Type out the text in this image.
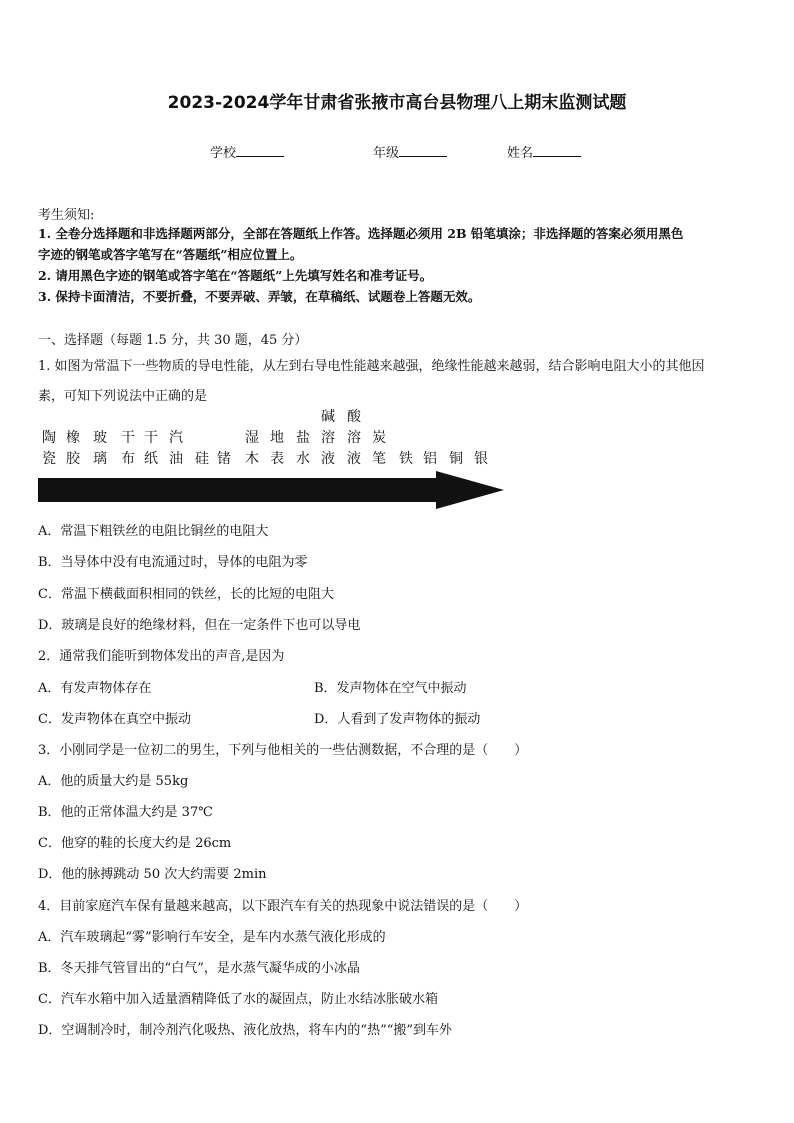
2023-2024学年甘肃省张掖市高台县物理八上期末监测试题
学校	年级	姓名
考生须知:
1. 全卷分选择题和非选择题两部分，全部在答题纸上作答。选择题必须用 2B 铅笔填涂；非选择题的答案必须用黑色
字迹的钢笔或答字笔写在“答题纸”相应位置上。
2. 请用黑色字迹的钢笔或答字笔在“答题纸”上先填写姓名和准考证号。
3. 保持卡面清洁，不要折叠，不要弄破、弄皱，在草稿纸、试题卷上答题无效。
一、选择题（每题 1.5 分，共 30 题，45 分）
1. 如图为常温下一些物质的导电性能，从左到右导电性能越来越强，绝缘性能越来越弱，结合影响电阻大小的其他因
素，可知下列说法中正确的是
陶瓷
橡胶
玻璃
干布
干纸
汽油 硅 锗
湿木
地表
盐水
碱溶液
酸溶液
炭笔 铁 铝 铜 银
A．常温下粗铁丝的电阻比铜丝的电阻大
B．当导体中没有电流通过时，导体的电阻为零
C．常温下横截面积相同的铁丝，长的比短的电阻大
D．玻璃是良好的绝缘材料，但在一定条件下也可以导电
2．通常我们能听到物体发出的声音,是因为
A．有发声物体存在	B．发声物体在空气中振动
C．发声物体在真空中振动	D．人看到了发声物体的振动
3．小刚同学是一位初二的男生，下列与他相关的一些估测数据，不合理的是（　　）
A．他的质量大约是 55kg
B．他的正常体温大约是 37℃
C．他穿的鞋的长度大约是 26cm
D．他的脉搏跳动 50 次大约需要 2min
4．目前家庭汽车保有量越来越高，以下跟汽车有关的热现象中说法错误的是（　　）
A．汽车玻璃起“雾”影响行车安全，是车内水蒸气液化形成的
B．冬天排气管冒出的“白气”，是水蒸气凝华成的小冰晶
C．汽车水箱中加入适量酒精降低了水的凝固点，防止水结冰胀破水箱
D．空调制冷时，制冷剂汽化吸热、液化放热，将车内的“热”“搬”到车外
